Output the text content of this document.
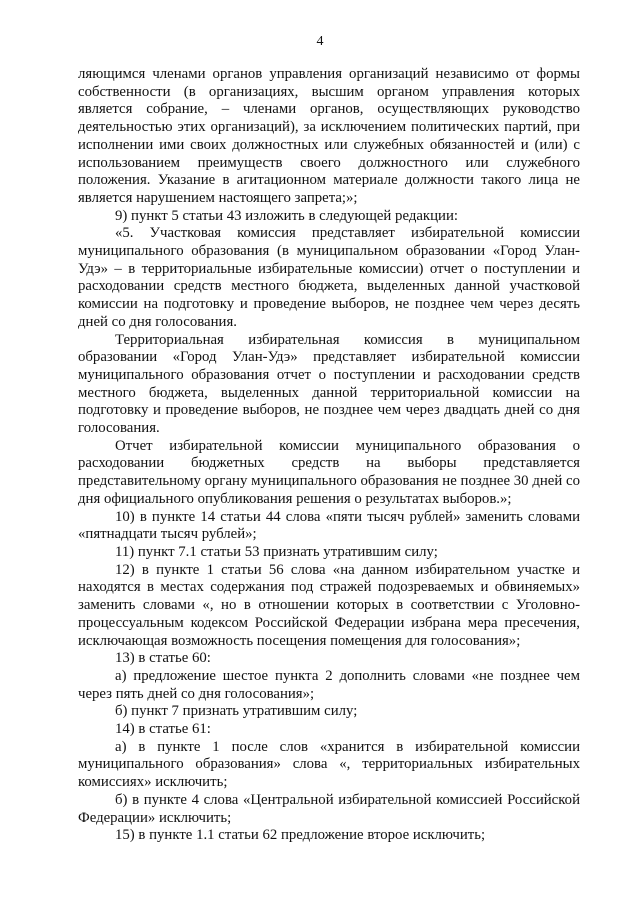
4

ляющимся членами органов управления организаций независимо от формы собственности (в организациях, высшим органом управления которых является собрание, – членами органов, осуществляющих руководство деятельностью этих организаций), за исключением политических партий, при исполнении ими своих должностных или служебных обязанностей и (или) с использованием преимуществ своего должностного или служебного положения. Указание в агитационном материале должности такого лица не является нарушением настоящего запрета;»;

9) пункт 5 статьи 43 изложить в следующей редакции:

«5. Участковая комиссия представляет избирательной комиссии муниципального образования (в муниципальном образовании «Город Улан-Удэ» – в территориальные избирательные комиссии) отчет о поступлении и расходовании средств местного бюджета, выделенных данной участковой комиссии на подготовку и проведение выборов, не позднее чем через десять дней со дня голосования.

Территориальная избирательная комиссия в муниципальном образовании «Город Улан-Удэ» представляет избирательной комиссии муниципального образования отчет о поступлении и расходовании средств местного бюджета, выделенных данной территориальной комиссии на подготовку и проведение выборов, не позднее чем через двадцать дней со дня голосования.

Отчет избирательной комиссии муниципального образования о расходовании бюджетных средств на выборы представляется представительному органу муниципального образования не позднее 30 дней со дня официального опубликования решения о результатах выборов.»;

10) в пункте 14 статьи 44 слова «пяти тысяч рублей» заменить словами «пятнадцати тысяч рублей»;

11) пункт 7.1 статьи 53 признать утратившим силу;

12) в пункте 1 статьи 56 слова «на данном избирательном участке и находятся в местах содержания под стражей подозреваемых и обвиняемых» заменить словами «, но в отношении которых в соответствии с Уголовно-процессуальным кодексом Российской Федерации избрана мера пресечения, исключающая возможность посещения помещения для голосования»;

13) в статье 60:

а) предложение шестое пункта 2 дополнить словами «не позднее чем через пять дней со дня голосования»;

б) пункт 7 признать утратившим силу;

14) в статье 61:

а) в пункте 1 после слов «хранится в избирательной комиссии муниципального образования» слова «, территориальных избирательных комиссиях» исключить;

б) в пункте 4 слова «Центральной избирательной комиссией Российской Федерации» исключить;

15) в пункте 1.1 статьи 62 предложение второе исключить;
